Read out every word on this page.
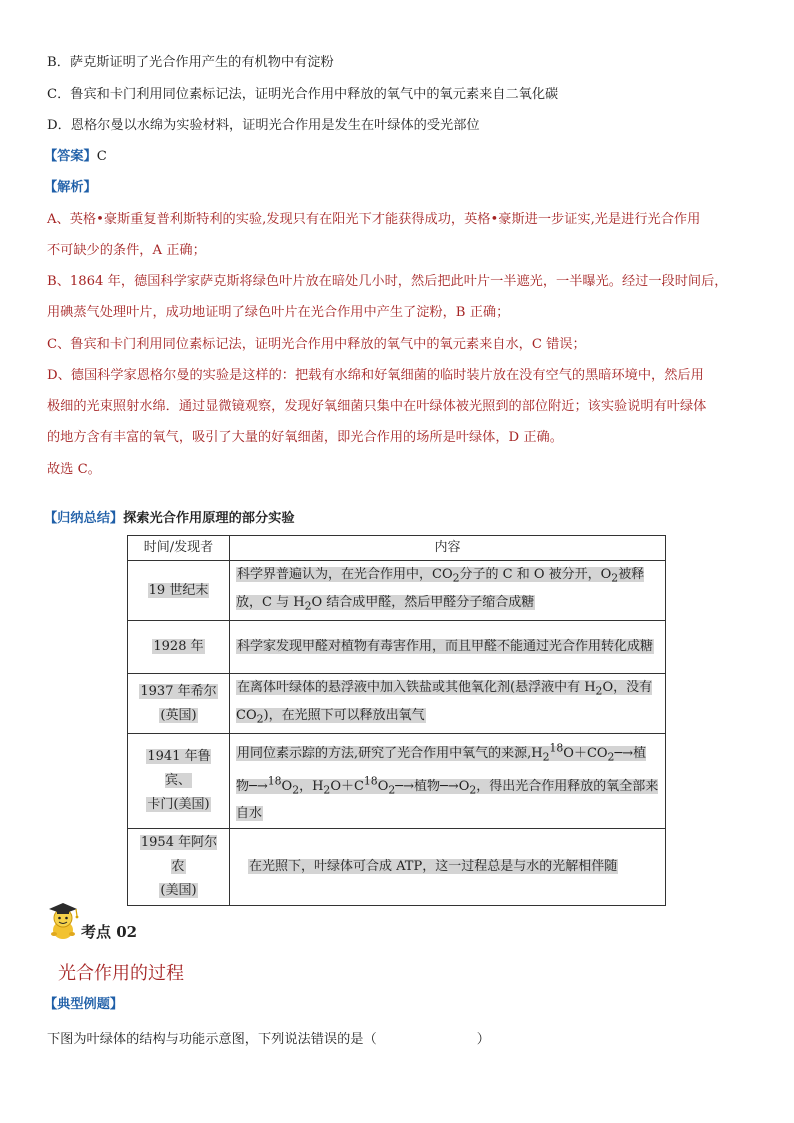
B．萨克斯证明了光合作用产生的有机物中有淀粉
C．鲁宾和卡门利用同位素标记法，证明光合作用中释放的氧气中的氧元素来自二氧化碳
D．恩格尔曼以水绵为实验材料，证明光合作用是发生在叶绿体的受光部位
【答案】C
【解析】
A、英格•豪斯重复普利斯特利的实验,发现只有在阳光下才能获得成功，英格•豪斯进一步证实,光是进行光合作用
不可缺少的条件，A 正确；
B、1864 年，德国科学家萨克斯将绿色叶片放在暗处几小时，然后把此叶片一半遮光，一半曝光。经过一段时间后，
用碘蒸气处理叶片，成功地证明了绿色叶片在光合作用中产生了淀粉，B 正确；
C、鲁宾和卡门利用同位素标记法，证明光合作用中释放的氧气中的氧元素来自水，C 错误；
D、德国科学家恩格尔曼的实验是这样的：把载有水绵和好氧细菌的临时装片放在没有空气的黑暗环境中，然后用
极细的光束照射水绵．通过显微镜观察，发现好氧细菌只集中在叶绿体被光照到的部位附近；该实验说明有叶绿体
的地方含有丰富的氧气，吸引了大量的好氧细菌，即光合作用的场所是叶绿体，D 正确。
故选 C。
【归纳总结】探索光合作用原理的部分实验
时间/发现者	内容
19 世纪末	科学界普遍认为，在光合作用中，$CO_2$分子的 C 和 O 被分开，$O_2$被释放，C 与 $H_2O$ 结合成甲醛，然后甲醛分子缩合成糖
1928 年	科学家发现甲醛对植物有毒害作用，而且甲醛不能通过光合作用转化成糖
1937 年希尔
(英国)	在离体叶绿体的悬浮液中加入铁盐或其他氧化剂(悬浮液中有 $H_2O$，没有 $CO_2$)，在光照下可以释放出氧气
1941 年鲁宾、
卡门(美国)	用同位素示踪的方法,研究了光合作用中氧气的来源$,H_2^{18}O+CO_2─\to$植物$─\to^{18}O_2$，$H_2O+C^{18}O_2─\to$植物$─\to O_2$，得出光合作用释放的氧全部来自水
1954 年阿尔农
(美国)	在光照下，叶绿体可合成 ATP，这一过程总是与水的光解相伴随
考点 02
光合作用的过程
【典型例题】
下图为叶绿体的结构与功能示意图，下列说法错误的是（	）
